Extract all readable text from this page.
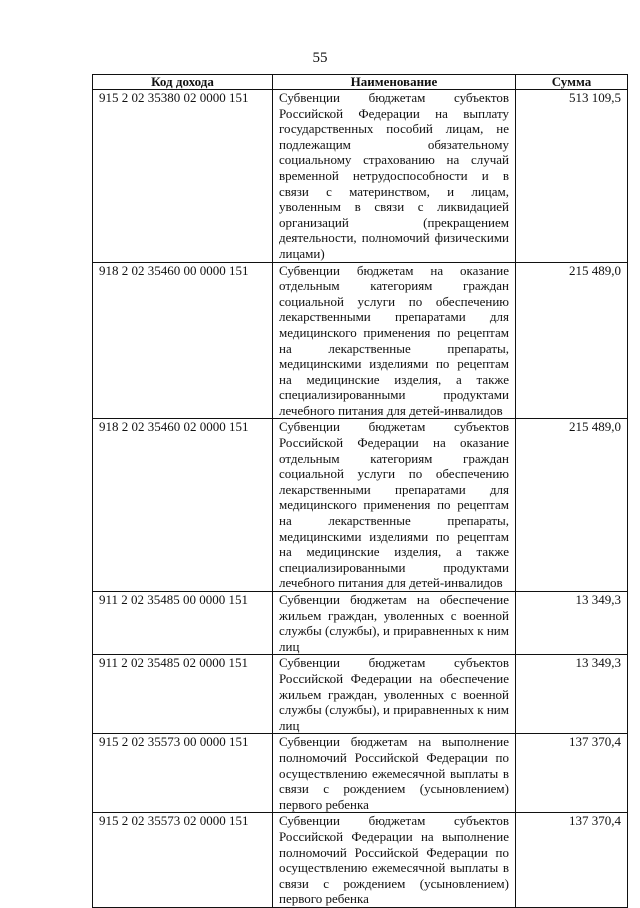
55
Код дохода	Наименование	Сумма
915 2 02 35380 02 0000 151	Субвенции бюджетам субъектов Российской Федерации на выплату государственных пособий лицам, не подлежащим обязательному социальному страхованию на случай временной нетрудоспособности и в связи с материнством, и лицам, уволенным в связи с ликвидацией организаций (прекращением деятельности, полномочий физическими лицами)	513 109,5
918 2 02 35460 00 0000 151	Субвенции бюджетам на оказание отдельным категориям граждан социальной услуги по обеспечению лекарственными препаратами для медицинского применения по рецептам на лекарственные препараты, медицинскими изделиями по рецептам на медицинские изделия, а также специализированными продуктами лечебного питания для детей-инвалидов	215 489,0
918 2 02 35460 02 0000 151	Субвенции бюджетам субъектов Российской Федерации на оказание отдельным категориям граждан социальной услуги по обеспечению лекарственными препаратами для медицинского применения по рецептам на лекарственные препараты, медицинскими изделиями по рецептам на медицинские изделия, а также специализированными продуктами лечебного питания для детей-инвалидов	215 489,0
911 2 02 35485 00 0000 151	Субвенции бюджетам на обеспечение жильем граждан, уволенных с военной службы (службы), и приравненных к ним лиц	13 349,3
911 2 02 35485 02 0000 151	Субвенции бюджетам субъектов Российской Федерации на обеспечение жильем граждан, уволенных с военной службы (службы), и приравненных к ним лиц	13 349,3
915 2 02 35573 00 0000 151	Субвенции бюджетам на выполнение полномочий Российской Федерации по осуществлению ежемесячной выплаты в связи с рождением (усыновлением) первого ребенка	137 370,4
915 2 02 35573 02 0000 151	Субвенции бюджетам субъектов Российской Федерации на выполнение полномочий Российской Федерации по осуществлению ежемесячной выплаты в связи с рождением (усыновлением) первого ребенка	137 370,4
